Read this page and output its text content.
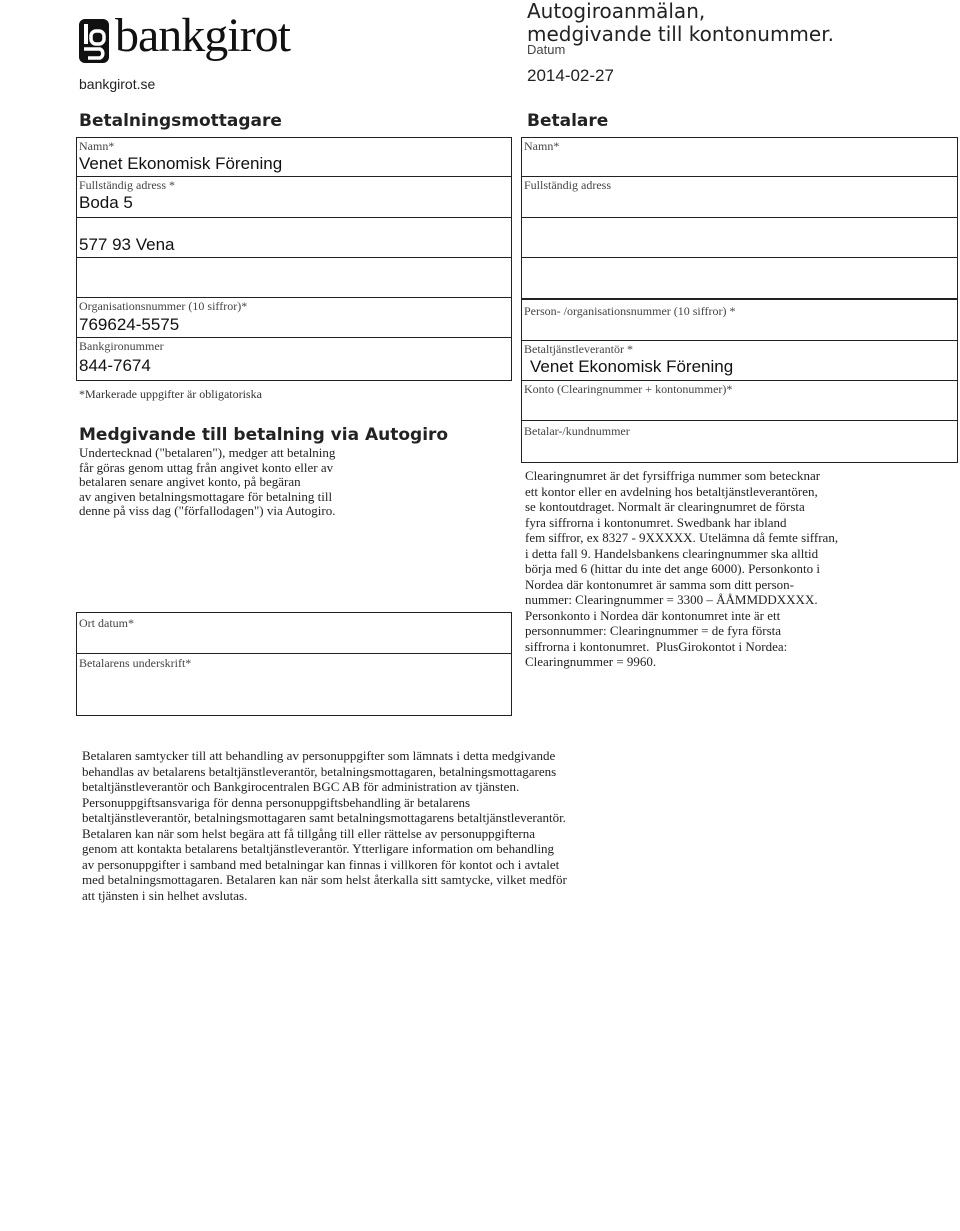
bankgirot
bankgirot.se
Autogiroanmälan,
medgivande till kontonummer.
Datum
2014-02-27
Betalningsmottagare
Namn*
Venet Ekonomisk Förening
Fullständig adress *
Boda 5
577 93 Vena
Organisationsnummer (10 siffror)*
769624-5575
Bankgironummer
844-7674
*Markerade uppgifter är obligatoriska
Betalare
Namn*
Fullständig adress
Person- /organisationsnummer (10 siffror) *
Betaltjänstleverantör *
Venet Ekonomisk Förening
Konto (Clearingnummer + kontonummer)*
Betalar-/kundnummer
Medgivande till betalning via Autogiro
Undertecknad ("betalaren"), medger att betalning
får göras genom uttag från angivet konto eller av
betalaren senare angivet konto, på begäran
av angiven betalningsmottagare för betalning till
denne på viss dag ("förfallodagen") via Autogiro.
Ort datum*
Betalarens underskrift*
Clearingnumret är det fyrsiffriga nummer som betecknar
ett kontor eller en avdelning hos betaltjänstleverantören,
se kontoutdraget. Normalt är clearingnumret de första
fyra siffrorna i kontonumret. Swedbank har ibland
fem siffror, ex 8327 - 9XXXXX. Utelämna då femte siffran,
i detta fall 9. Handelsbankens clearingnummer ska alltid
börja med 6 (hittar du inte det ange 6000). Personkonto i
Nordea där kontonumret är samma som ditt person-
nummer: Clearingnummer = 3300 – ÅÅMMDDXXXX.
Personkonto i Nordea där kontonumret inte är ett
personnummer: Clearingnummer = de fyra första
siffrorna i kontonumret.  PlusGirokontot i Nordea:
Clearingnummer = 9960.
Betalaren samtycker till att behandling av personuppgifter som lämnats i detta medgivande
behandlas av betalarens betaltjänstleverantör, betalningsmottagaren, betalningsmottagarens
betaltjänstleverantör och Bankgirocentralen BGC AB för administration av tjänsten.
Personuppgiftsansvariga för denna personuppgiftsbehandling är betalarens
betaltjänstleverantör, betalningsmottagaren samt betalningsmottagarens betaltjänstleverantör.
Betalaren kan när som helst begära att få tillgång till eller rättelse av personuppgifterna
genom att kontakta betalarens betaltjänstleverantör. Ytterligare information om behandling
av personuppgifter i samband med betalningar kan finnas i villkoren för kontot och i avtalet
med betalningsmottagaren. Betalaren kan när som helst återkalla sitt samtycke, vilket medför
att tjänsten i sin helhet avslutas.
